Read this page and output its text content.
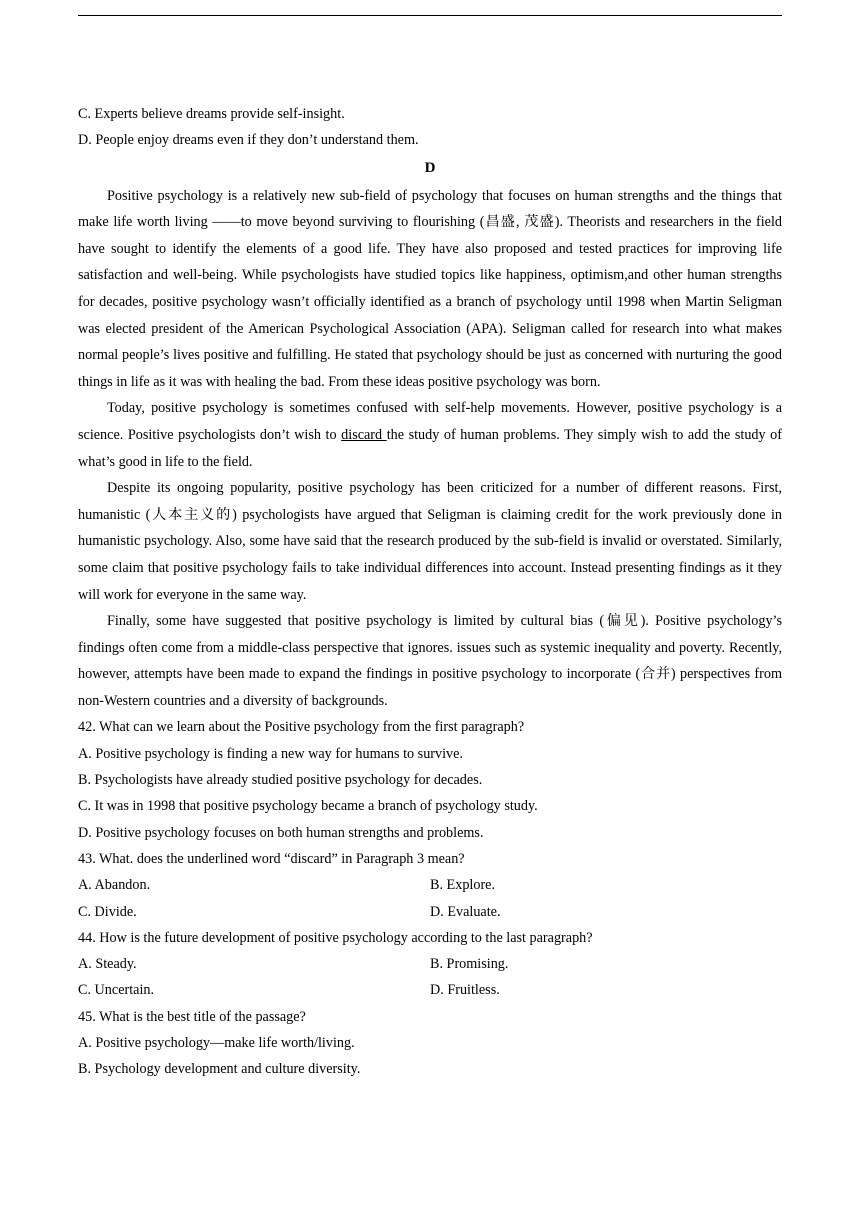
C. Experts believe dreams provide self-insight.
D. People enjoy dreams even if they don’t understand them.
D
Positive psychology is a relatively new sub-field of psychology that focuses on human strengths and the things that make life worth living ——to move beyond surviving to flourishing (昌盛, 茂盛). Theorists and researchers in the field have sought to identify the elements of a good life. They have also proposed and tested practices for improving life satisfaction and well-being. While psychologists have studied topics like happiness, optimism,and other human strengths for decades, positive psychology wasn’t officially identified as a branch of psychology until 1998 when Martin Seligman was elected president of the American Psychological Association (APA). Seligman called for research into what makes normal people’s lives positive and fulfilling. He stated that psychology should be just as concerned with nurturing the good things in life as it was with healing the bad. From these ideas positive psychology was born.
Today, positive psychology is sometimes confused with self-help movements. However, positive psychology is a science. Positive psychologists don’t wish to discard the study of human problems. They simply wish to add the study of what’s good in life to the field.
Despite its ongoing popularity, positive psychology has been criticized for a number of different reasons. First, humanistic (人本主义的) psychologists have argued that Seligman is claiming credit for the work previously done in humanistic psychology. Also, some have said that the research produced by the sub-field is invalid or overstated. Similarly, some claim that positive psychology fails to take individual differences into account. Instead presenting findings as it they will work for everyone in the same way.
Finally, some have suggested that positive psychology is limited by cultural bias (偏见). Positive psychology’s findings often come from a middle-class perspective that ignores. issues such as systemic inequality and poverty. Recently, however, attempts have been made to expand the findings in positive psychology to incorporate (合并) perspectives from non-Western countries and a diversity of backgrounds.
42. What can we learn about the Positive psychology from the first paragraph?
A. Positive psychology is finding a new way for humans to survive.
B. Psychologists have already studied positive psychology for decades.
C. It was in 1998 that positive psychology became a branch of psychology study.
D. Positive psychology focuses on both human strengths and problems.
43. What. does the underlined word “discard” in Paragraph 3 mean?
A. Abandon.	B. Explore.
C. Divide.	D. Evaluate.
44. How is the future development of positive psychology according to the last paragraph?
A. Steady.	B. Promising.
C. Uncertain.	D. Fruitless.
45. What is the best title of the passage?
A. Positive psychology—make life worth/living.
B. Psychology development and culture diversity.
